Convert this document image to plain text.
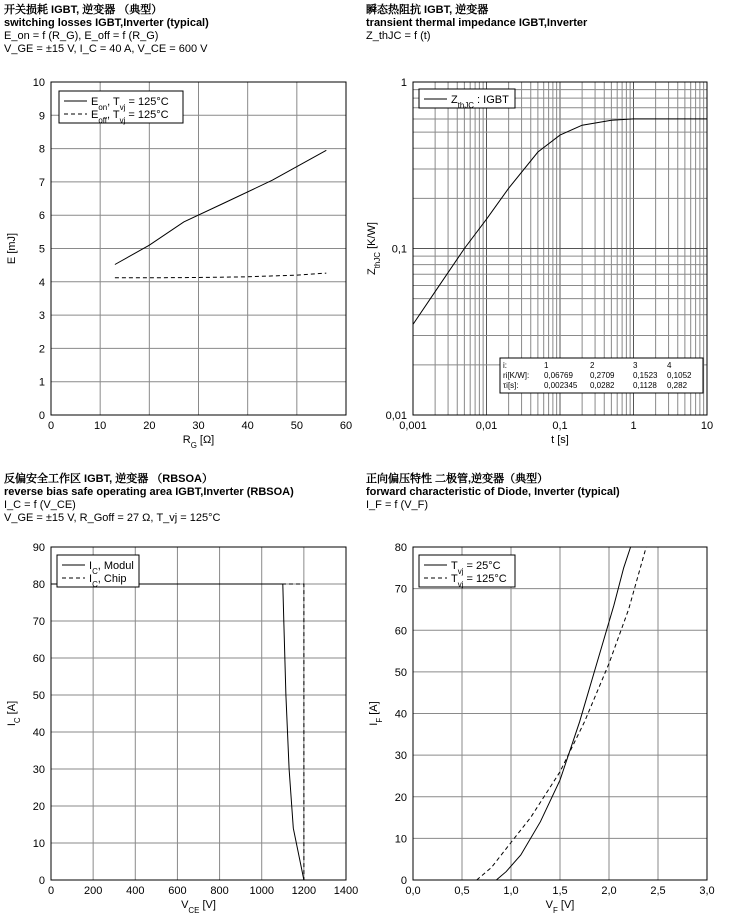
开关损耗 IGBT, 逆变器 （典型）
switching losses IGBT,Inverter (typical)
E_on = f (R_G), E_off = f (R_G)
V_GE = ±15 V, I_C = 40 A, V_CE = 600 V
瞬态热阻抗 IGBT, 逆变器
transient thermal impedance IGBT,Inverter
Z_thJC = f (t)
反偏安全工作区 IGBT, 逆变器 （RBSOA）
reverse bias safe operating area IGBT,Inverter (RBSOA)
I_C = f (V_CE)
V_GE = ±15 V, R_Goff = 27 Ω, T_vj = 125°C
正向偏压特性 二极管,逆变器（典型）
forward characteristic of Diode, Inverter (typical)
I_F = f (V_F)
0	10	20	30	40	50	60
0
1
2
3
4
5
6
7
8
9
10
$R_G$ [Ω]
E [mJ]
$E_{on}$, $T_{vj} = 125^\circ C$
$E_{off}$, $T_{vj} = 125^\circ C$
0,001	0,01	0,1	1	10
0,01
0,1
1
t [s]
$Z_{thJC}$ [K/W]
$Z_{thJC}$ : IGBT
i:	1	2	3	4
ri[K/W]: 0,06769 0,2709 0,1523 0,1052
τi[s]:	0,002345 0,0282 0,1128 0,282
0	200 400 600 800 1000 1200 1400
0
10
20
30
40
50
60
70
80
90
$V_{CE}$ [V]
$I_C$ [A]
$I_C$, Modul
$I_C$, Chip
0,0	0,5	1,0	1,5	2,0	2,5	3,0
0
10
20
30
40
50
60
70
80
$V_F$ [V]
$I_F$ [A]
$T_{vj} = 25^\circ C$
$T_{vj} = 125^\circ C$
